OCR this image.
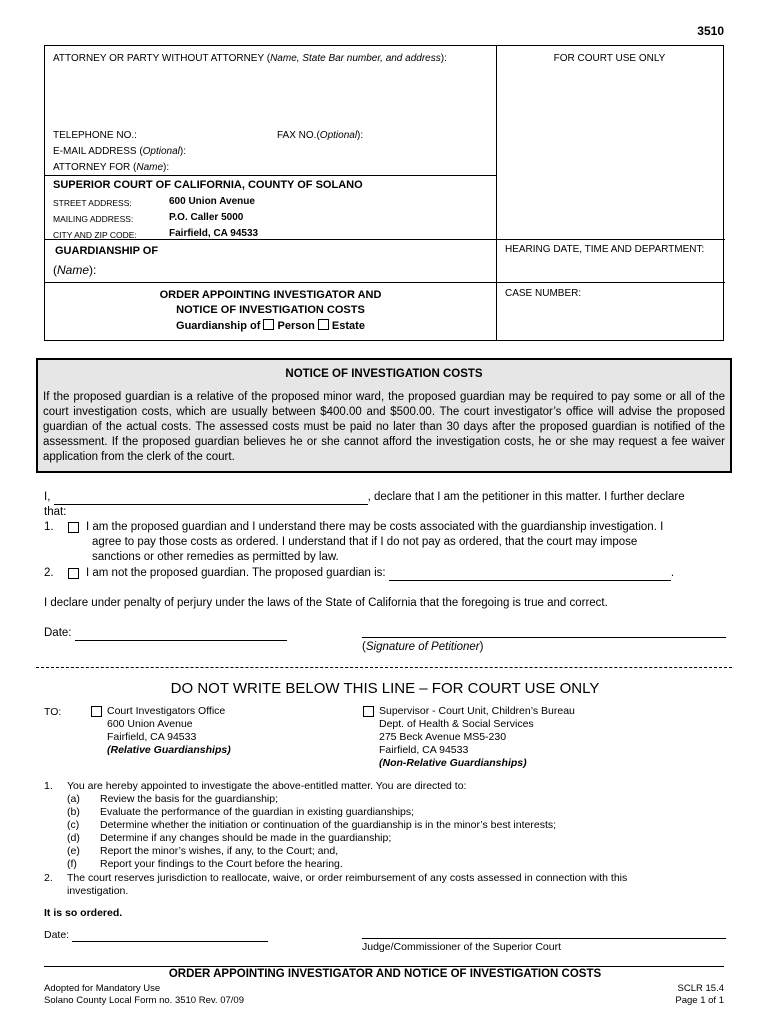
3510
ATTORNEY OR PARTY WITHOUT ATTORNEY (Name, State Bar number, and address):	FOR COURT USE ONLY
TELEPHONE NO.:	FAX NO.(Optional):
E-MAIL ADDRESS (Optional):
ATTORNEY FOR (Name):
SUPERIOR COURT OF CALIFORNIA, COUNTY OF SOLANO
STREET ADDRESS:	600 Union Avenue
MAILING ADDRESS:	P.O. Caller 5000
CITY AND ZIP CODE:	Fairfield, CA 94533
GUARDIANSHIP OF
(Name):
HEARING DATE, TIME AND DEPARTMENT:
ORDER APPOINTING INVESTIGATOR AND
NOTICE OF INVESTIGATION COSTS
Guardianship of Person Estate
CASE NUMBER:
NOTICE OF INVESTIGATION COSTS
If the proposed guardian is a relative of the proposed minor ward, the proposed guardian may be required to pay some or all of the court investigation costs, which are usually between $400.00 and $500.00. The court investigator’s office will advise the proposed guardian of the actual costs. The assessed costs must be paid no later than 30 days after the proposed guardian is notified of the assessment. If the proposed guardian believes he or she cannot afford the investigation costs, he or she may request a fee waiver application from the clerk of the court.
I,	, declare that I am the petitioner in this matter. I further declare
that:
1.	I am the proposed guardian and I understand there may be costs associated with the guardianship investigation. I
agree to pay those costs as ordered. I understand that if I do not pay as ordered, that the court may impose
sanctions or other remedies as permitted by law.
2.	I am not the proposed guardian. The proposed guardian is:	.
I declare under penalty of perjury under the laws of the State of California that the foregoing is true and correct.
Date:
(Signature of Petitioner)
DO NOT WRITE BELOW THIS LINE – FOR COURT USE ONLY
TO:	Court Investigators Office
600 Union Avenue
Fairfield, CA 94533
(Relative Guardianships)
Supervisor - Court Unit, Children’s Bureau
Dept. of Health & Social Services
275 Beck Avenue MS5-230
Fairfield, CA 94533
(Non-Relative Guardianships)
1. You are hereby appointed to investigate the above-entitled matter. You are directed to:
(a)	Review the basis for the guardianship;
(b)	Evaluate the performance of the guardian in existing guardianships;
(c)	Determine whether the initiation or continuation of the guardianship is in the minor’s best interests;
(d)	Determine if any changes should be made in the guardianship;
(e)	Report the minor’s wishes, if any, to the Court; and,
(f)	Report your findings to the Court before the hearing.
2. The court reserves jurisdiction to reallocate, waive, or order reimbursement of any costs assessed in connection with this
investigation.
It is so ordered.
Date:
Judge/Commissioner of the Superior Court
ORDER APPOINTING INVESTIGATOR AND NOTICE OF INVESTIGATION COSTS
Adopted for Mandatory Use
Solano County Local Form no. 3510 Rev. 07/09
SCLR 15.4
Page 1 of 1
